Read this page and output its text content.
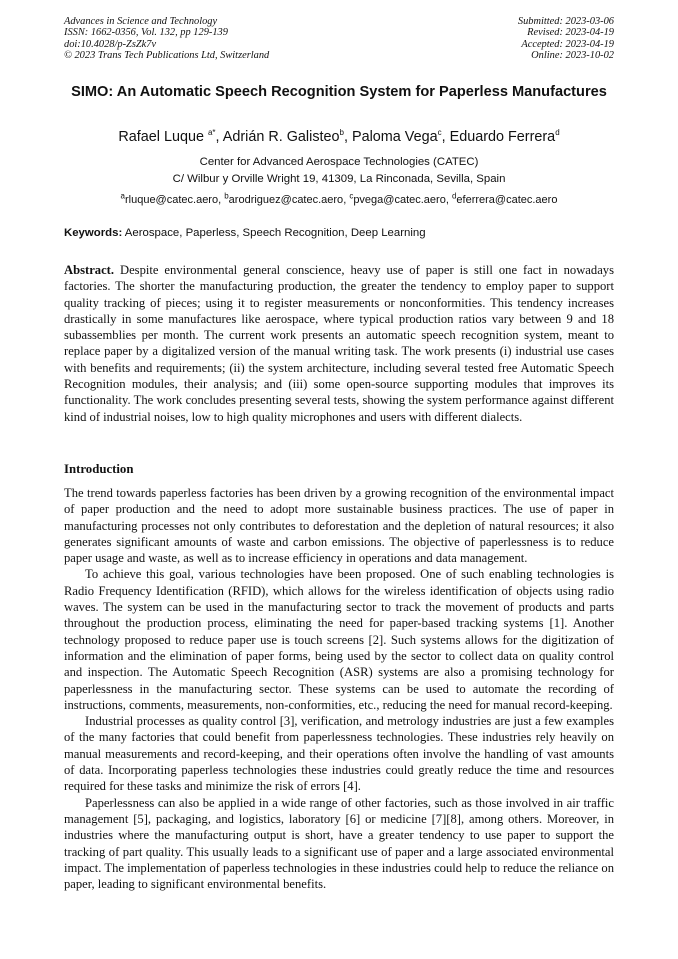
Advances in Science and Technology
ISSN: 1662-0356, Vol. 132, pp 129-139
doi:10.4028/p-ZsZk7v
© 2023 Trans Tech Publications Ltd, Switzerland
Submitted: 2023-03-06
Revised: 2023-04-19
Accepted: 2023-04-19
Online: 2023-10-02
SIMO: An Automatic Speech Recognition System for Paperless Manufactures
Rafael Luque $^{a*}$, Adrián R. Galisteo$^b$, Paloma Vega$^c$, Eduardo Ferrera$^d$
Center for Advanced Aerospace Technologies (CATEC)
C/ Wilbur y Orville Wright 19, 41309, La Rinconada, Sevilla, Spain
$^a$rluque@catec.aero, $^b$arodriguez@catec.aero, $^c$pvega@catec.aero, $^d$eferrera@catec.aero
Keywords: Aerospace, Paperless, Speech Recognition, Deep Learning
Abstract. Despite environmental general conscience, heavy use of paper is still one fact in nowadays factories. The shorter the manufacturing production, the greater the tendency to employ paper to support quality tracking of pieces; using it to register measurements or nonconformities. This tendency increases drastically in some manufactures like aerospace, where typical production ratios vary between 9 and 18 subassemblies per month. The current work presents an automatic speech recognition system, meant to replace paper by a digitalized version of the manual writing task. The work presents (i) industrial use cases with benefits and requirements; (ii) the system architecture, including several tested free Automatic Speech Recognition modules, their analysis; and (iii) some open-source supporting modules that improves its functionality. The work concludes presenting several tests, showing the system performance against different kind of industrial noises, low to high quality microphones and users with different dialects.
Introduction

The trend towards paperless factories has been driven by a growing recognition of the environmental impact of paper production and the need to adopt more sustainable business practices. The use of paper in manufacturing processes not only contributes to deforestation and the depletion of natural resources; it also generates significant amounts of waste and carbon emissions. The objective of paperlessness is to reduce paper usage and waste, as well as to increase efficiency in operations and data management.

To achieve this goal, various technologies have been proposed. One of such enabling technologies is Radio Frequency Identification (RFID), which allows for the wireless identification of objects using radio waves. The system can be used in the manufacturing sector to track the movement of products and parts throughout the production process, eliminating the need for paper-based tracking systems [1]. Another technology proposed to reduce paper use is touch screens [2]. Such systems allows for the digitization of information and the elimination of paper forms, being used by the sector to collect data on quality control and inspection. The Automatic Speech Recognition (ASR) systems are also a promising technology for paperlessness in the manufacturing sector. These systems can be used to automate the recording of instructions, comments, measurements, non-conformities, etc., reducing the need for manual record-keeping.

Industrial processes as quality control [3], verification, and metrology industries are just a few examples of the many factories that could benefit from paperlessness technologies. These industries rely heavily on manual measurements and record-keeping, and their operations often involve the handling of vast amounts of data. Incorporating paperless technologies these industries could greatly reduce the time and resources required for these tasks and minimize the risk of errors [4].

Paperlessness can also be applied in a wide range of other factories, such as those involved in air traffic management [5], packaging, and logistics, laboratory [6] or medicine [7][8], among others. Moreover, in industries where the manufacturing output is short, have a greater tendency to use paper to support the tracking of part quality. This usually leads to a significant use of paper and a large associated environmental impact. The implementation of paperless technologies in these industries could help to reduce the reliance on paper, leading to significant environmental benefits.
